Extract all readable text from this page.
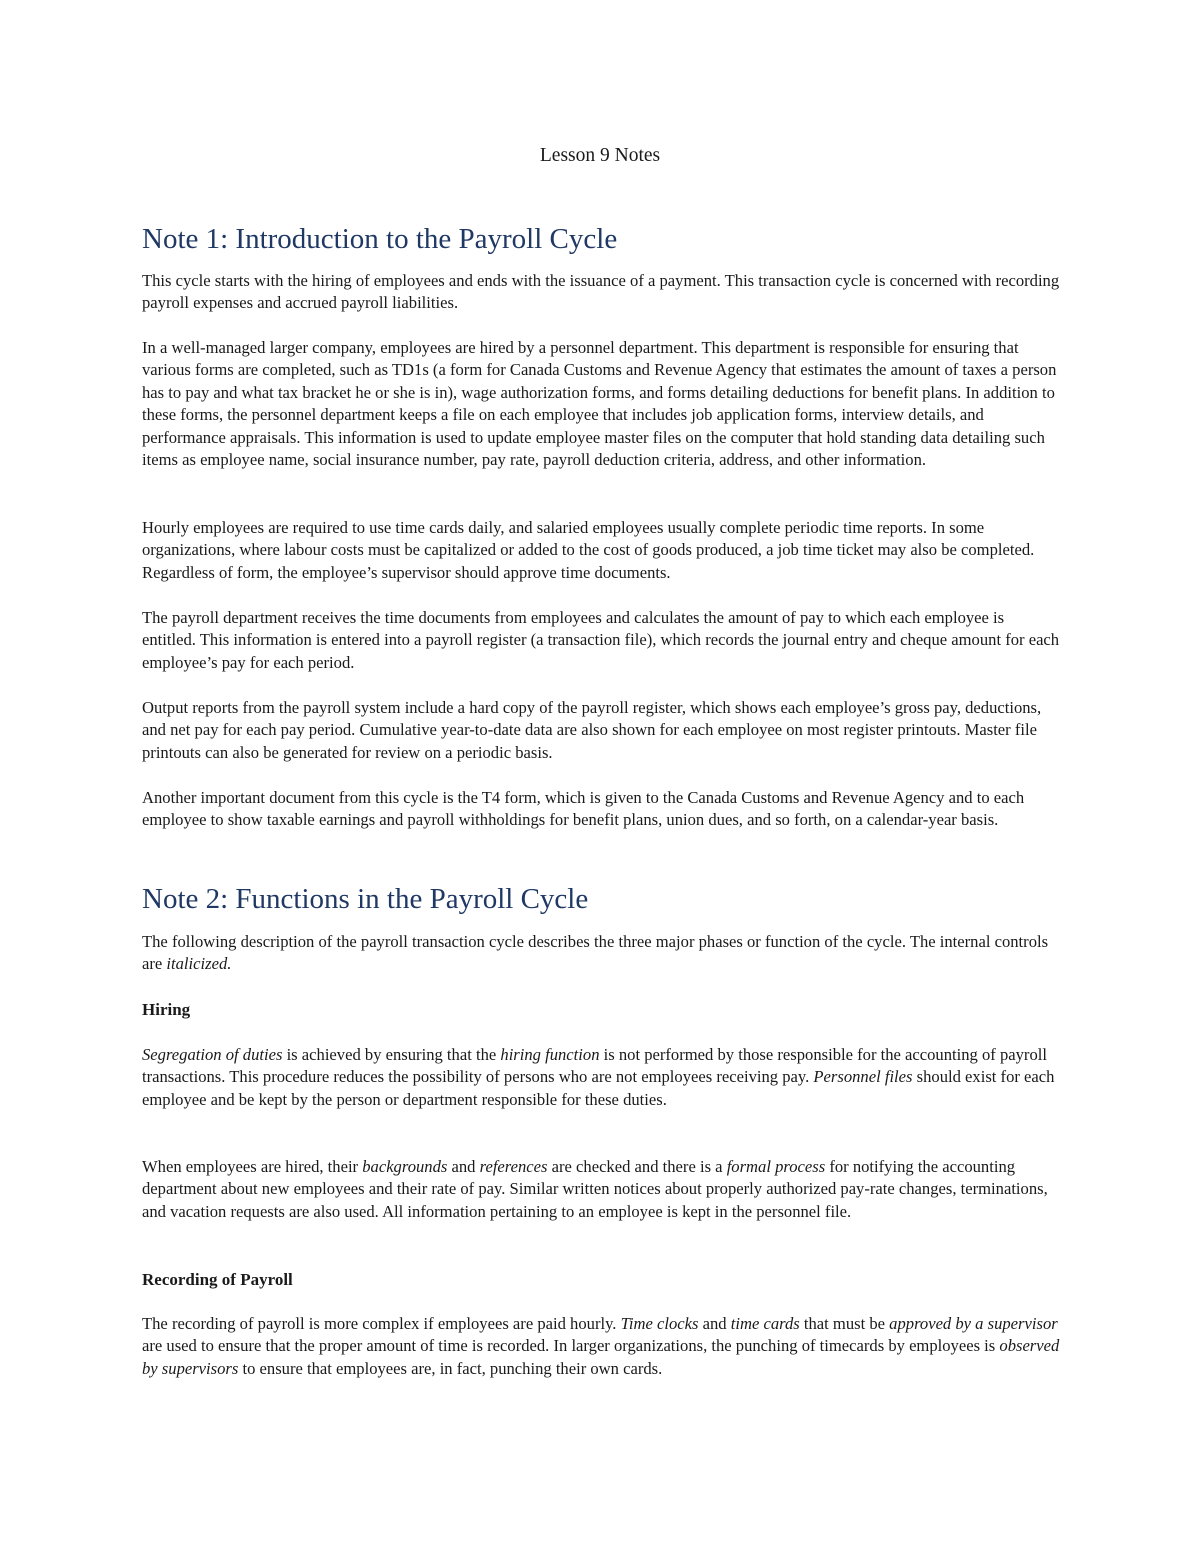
Lesson 9 Notes
Note 1: Introduction to the Payroll Cycle

This cycle starts with the hiring of employees and ends with the issuance of a payment. This transaction cycle is concerned with recording payroll expenses and accrued payroll liabilities.

In a well-managed larger company, employees are hired by a personnel department. This department is responsible for ensuring that various forms are completed, such as TD1s (a form for Canada Customs and Revenue Agency that estimates the amount of taxes a person has to pay and what tax bracket he or she is in), wage authorization forms, and forms detailing deductions for benefit plans. In addition to these forms, the personnel department keeps a file on each employee that includes job application forms, interview details, and performance appraisals. This information is used to update employee master files on the computer that hold standing data detailing such items as employee name, social insurance number, pay rate, payroll deduction criteria, address, and other information.

Hourly employees are required to use time cards daily, and salaried employees usually complete periodic time reports. In some organizations, where labour costs must be capitalized or added to the cost of goods produced, a job time ticket may also be completed. Regardless of form, the employee’s supervisor should approve time documents.

The payroll department receives the time documents from employees and calculates the amount of pay to which each employee is entitled. This information is entered into a payroll register (a transaction file), which records the journal entry and cheque amount for each employee’s pay for each period.

Output reports from the payroll system include a hard copy of the payroll register, which shows each employee’s gross pay, deductions, and net pay for each pay period. Cumulative year-to-date data are also shown for each employee on most register printouts. Master file printouts can also be generated for review on a periodic basis.

Another important document from this cycle is the T4 form, which is given to the Canada Customs and Revenue Agency and to each employee to show taxable earnings and payroll withholdings for benefit plans, union dues, and so forth, on a calendar-year basis.

Note 2: Functions in the Payroll Cycle

The following description of the payroll transaction cycle describes the three major phases or function of the cycle. The internal controls are italicized.

Hiring

Segregation of duties is achieved by ensuring that the hiring function is not performed by those responsible for the accounting of payroll transactions. This procedure reduces the possibility of persons who are not employees receiving pay. Personnel files should exist for each employee and be kept by the person or department responsible for these duties.

When employees are hired, their backgrounds and references are checked and there is a formal process for notifying the accounting department about new employees and their rate of pay. Similar written notices about properly authorized pay-rate changes, terminations, and vacation requests are also used. All information pertaining to an employee is kept in the personnel file.

Recording of Payroll

The recording of payroll is more complex if employees are paid hourly. Time clocks and time cards that must be approved by a supervisor are used to ensure that the proper amount of time is recorded. In larger organizations, the punching of timecards by employees is observed by supervisors to ensure that employees are, in fact, punching their own cards.
